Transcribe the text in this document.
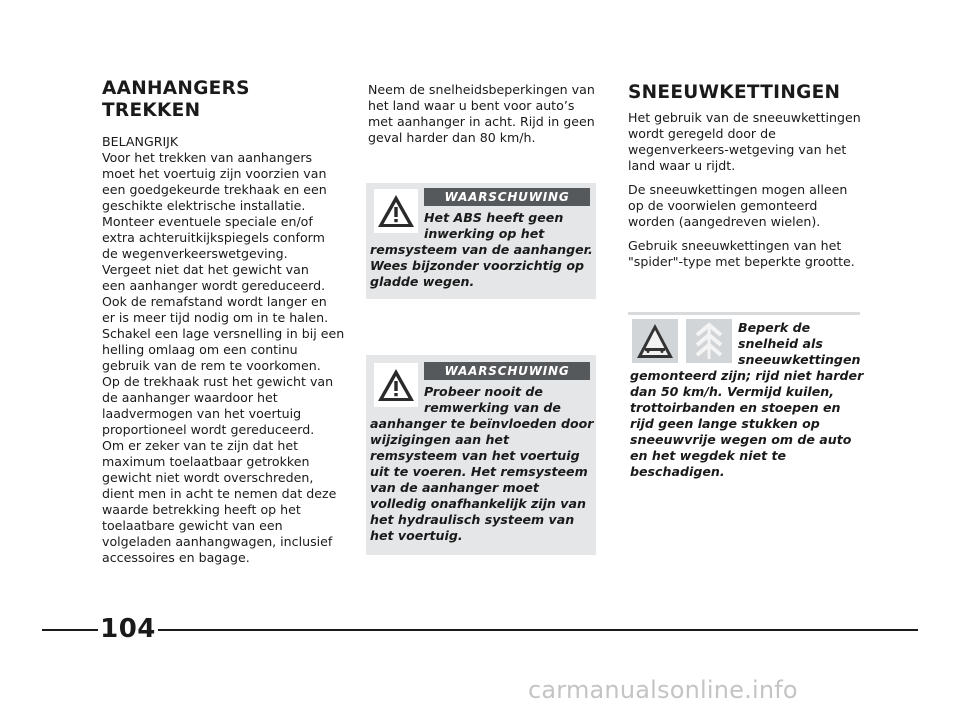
AANHANGERS
TREKKEN

BELANGRIJK
Voor het trekken van aanhangers
moet het voertuig zijn voorzien van
een goedgekeurde trekhaak en een
geschikte elektrische installatie.
Monteer eventuele speciale en/of
extra achteruitkijkspiegels conform
de wegenverkeerswetgeving.
Vergeet niet dat het gewicht van
een aanhanger wordt gereduceerd.
Ook de remafstand wordt langer en
er is meer tijd nodig om in te halen.
Schakel een lage versnelling in bij een
helling omlaag om een continu
gebruik van de rem te voorkomen.
Op de trekhaak rust het gewicht van
de aanhanger waardoor het
laadvermogen van het voertuig
proportioneel wordt gereduceerd.
Om er zeker van te zijn dat het
maximum toelaatbaar getrokken
gewicht niet wordt overschreden,
dient men in acht te nemen dat deze
waarde betrekking heeft op het
toelaatbare gewicht van een
volgeladen aanhangwagen, inclusief
accessoires en bagage.

Neem de snelheidsbeperkingen van
het land waar u bent voor auto’s
met aanhanger in acht. Rijd in geen
geval harder dan 80 km/h.

WAARSCHUWING
Het ABS heeft geen
inwerking op het
remsysteem van de aanhanger.
Wees bijzonder voorzichtig op
gladde wegen.
WAARSCHUWING
Probeer nooit de
remwerking van de
aanhanger te beïnvloeden door
wijzigingen aan het
remsysteem van het voertuig
uit te voeren. Het remsysteem
van de aanhanger moet
volledig onafhankelijk zijn van
het hydraulisch systeem van
het voertuig.
SNEEUWKETTINGEN

Het gebruik van de sneeuwkettingen
wordt geregeld door de
wegenverkeers-wetgeving van het
land waar u rijdt.

De sneeuwkettingen mogen alleen
op de voorwielen gemonteerd
worden (aangedreven wielen).

Gebruik sneeuwkettingen van het
"spider"-type met beperkte grootte.

Beperk de
snelheid als
sneeuwkettingen
gemonteerd zijn; rijd niet harder
dan 50 km/h. Vermijd kuilen,
trottoirbanden en stoepen en
rijd geen lange stukken op
sneeuwvrije wegen om de auto
en het wegdek niet te
beschadigen.
104
carmanualsonline.info
